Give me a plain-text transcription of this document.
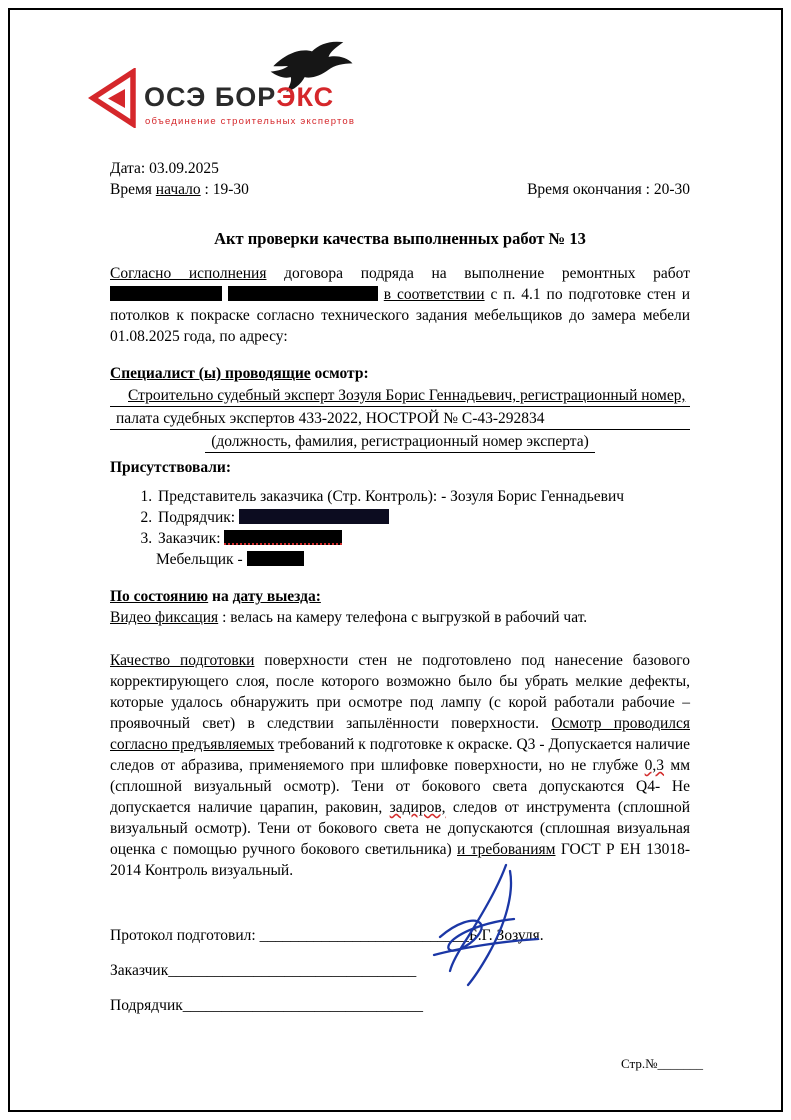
ОСЭ БОРЭКС
объединение строительных экспертов
Дата: 03.09.2025
Время начало : 19-30	Время окончания : 20-30
Акт проверки качества выполненных работ № 13

Согласно исполнения договора подряда на выполнение ремонтных работ   в соответствии с п. 4.1 по подготовке стен и потолков к покраске согласно технического задания мебельщиков до замера мебели 01.08.2025 года, по адресу:

Специалист (ы) проводящие осмотр:

Строительно судебный эксперт Зозуля Борис Геннадьевич, регистрационный номер,
палата судебных экспертов 433-2022, НОСТРОЙ № С-43-292834
(должность, фамилия, регистрационный номер эксперта)

Присутствовали:

1. Представитель заказчика (Стр. Контроль): - Зозуля Борис Геннадьевич
2. Подрядчик:
3. Заказчик:
Мебельщик -

По состоянию на дату выезда:

Видео фиксация : велась на камеру телефона с выгрузкой в рабочий чат.

Качество подготовки поверхности стен не подготовлено под нанесение базового корректирующего слоя, после которого возможно было бы убрать мелкие дефекты, которые удалось обнаружить при осмотре под лампу (с корой работали рабочие – проявочный свет) в следствии запылённости поверхности. Осмотр проводился согласно предъявляемых требований к подготовке к окраске. Q3 - Допускается наличие следов от абразива, применяемого при шлифовке поверхности, но не глубже 0,3 мм (сплошной визуальный осмотр). Тени от бокового света допускаются Q4- Не допускается наличие царапин, раковин, задиров, следов от инструмента (сплошной визуальный осмотр). Тени от бокового света не допускаются (сплошная визуальная оценка с помощью ручного бокового светильника) и требованиям ГОСТ Р ЕН 13018-2014 Контроль визуальный.

Протокол подготовил: ___________________________Б.Г. Зозуля.

Заказчик________________________________

Подрядчик_______________________________

Стр.№_______
